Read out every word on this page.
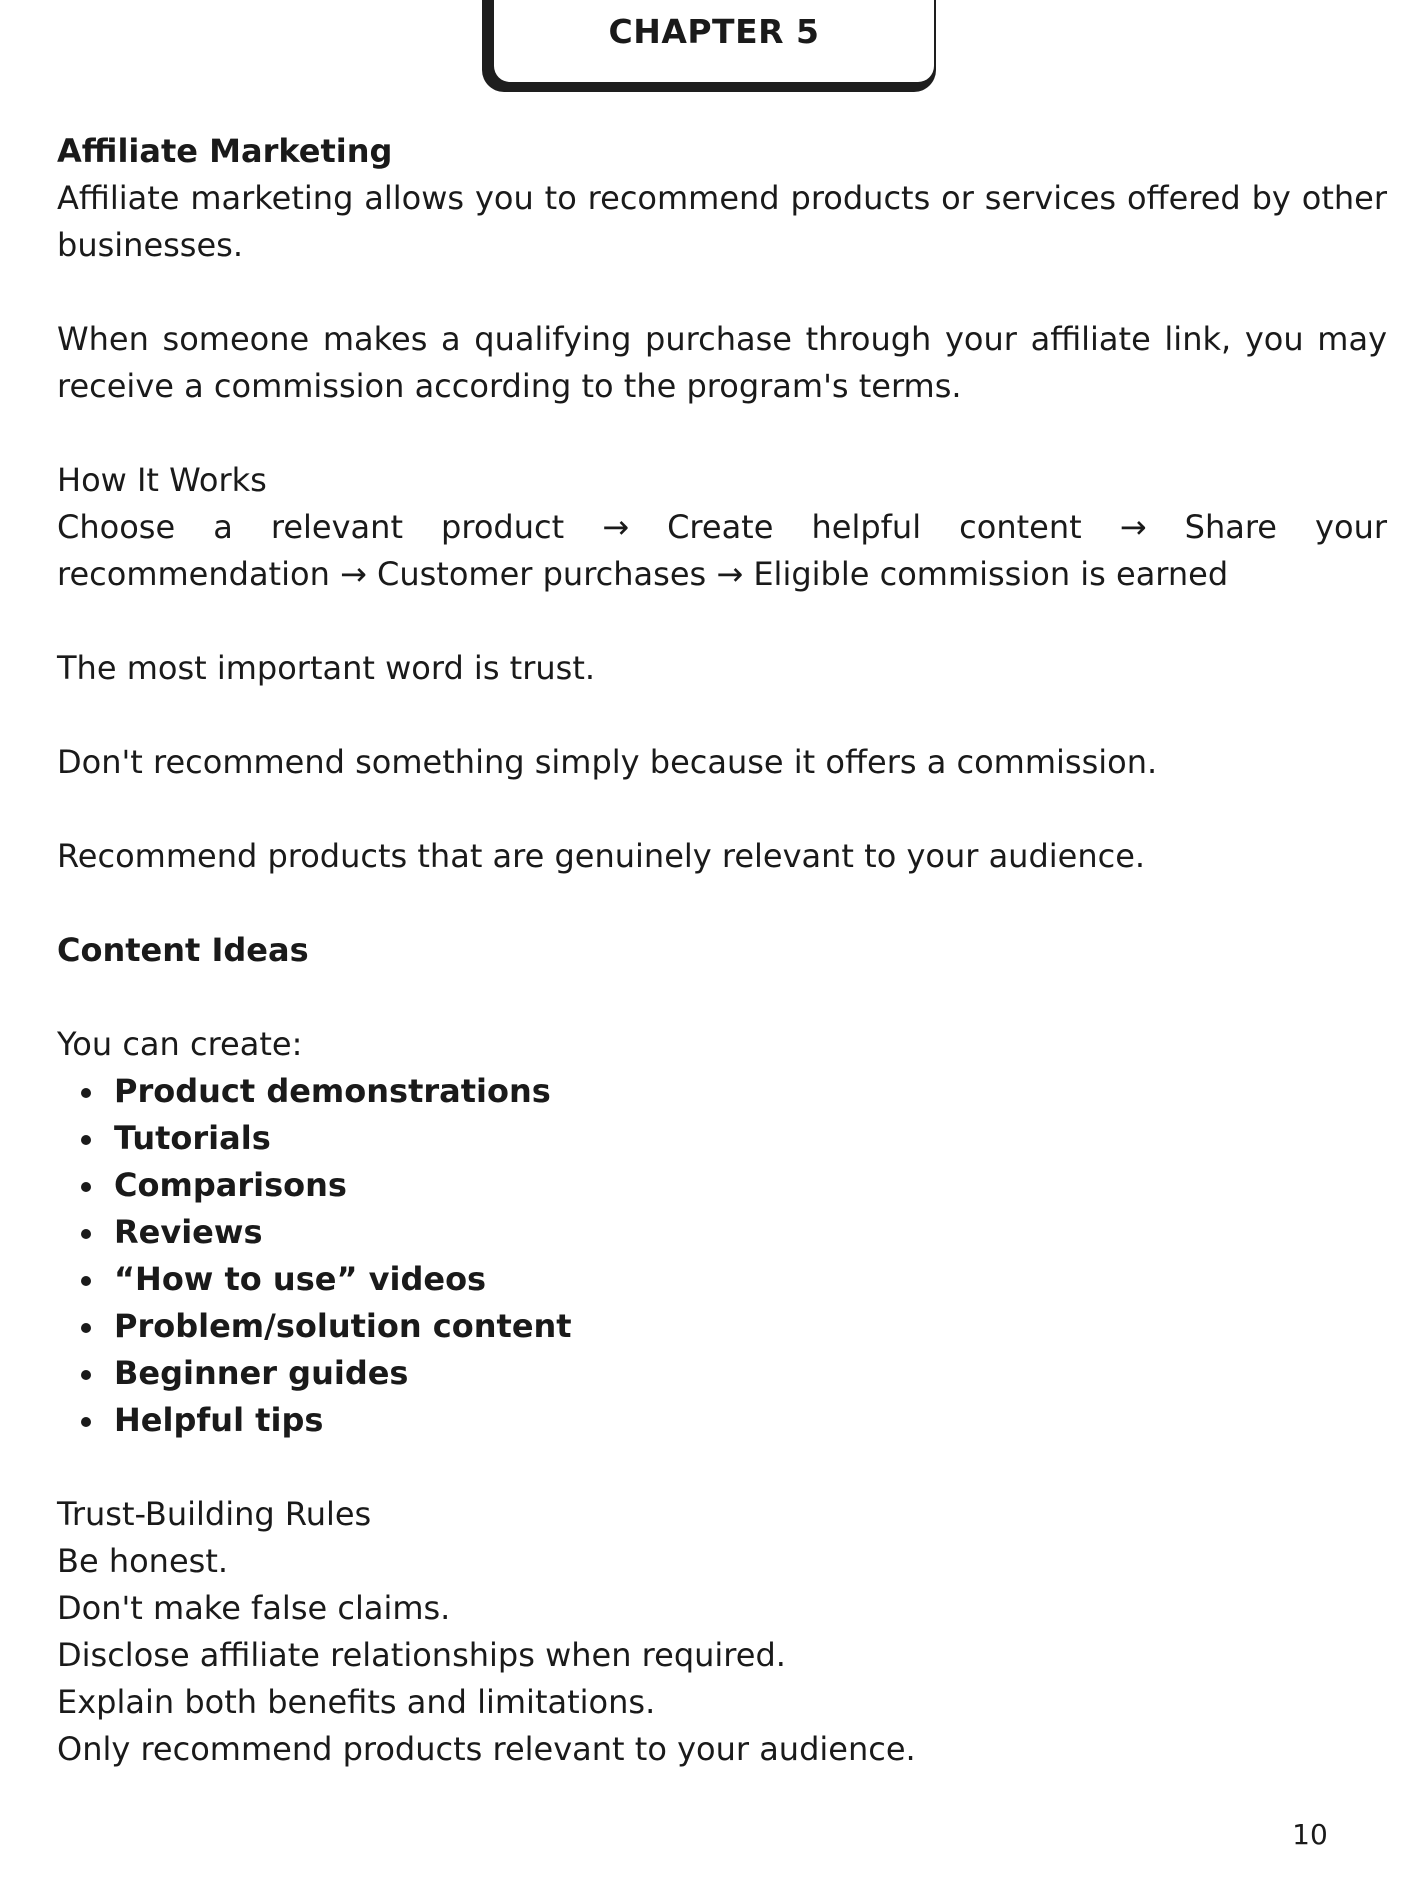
CHAPTER 5

Affiliate Marketing

Affiliate marketing allows you to recommend products or services offered by other businesses.

When someone makes a qualifying purchase through your affiliate link, you may receive a commission according to the program's terms.

How It Works

Choose a relevant product → Create helpful content → Share your recommendation → Customer purchases → Eligible commission is earned

The most important word is trust.

Don't recommend something simply because it offers a commission.

Recommend products that are genuinely relevant to your audience.

Content Ideas

You can create:

Product demonstrations
Tutorials
Comparisons
Reviews
“How to use” videos
Problem/solution content
Beginner guides
Helpful tips

Trust-Building Rules

Be honest.

Don't make false claims.

Disclose affiliate relationships when required.

Explain both benefits and limitations.

Only recommend products relevant to your audience.

10
